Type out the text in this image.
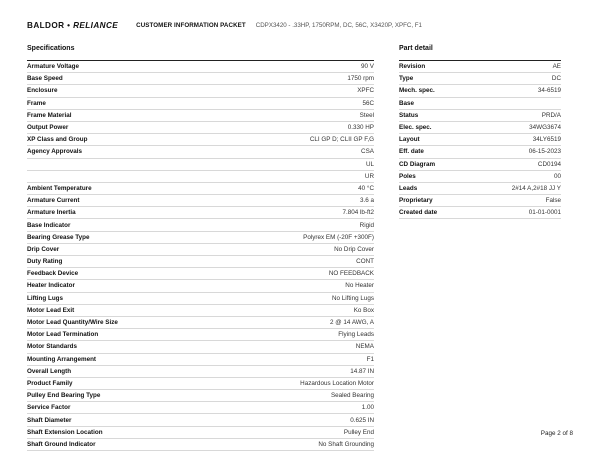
BALDOR • RELIANCE	CUSTOMER INFORMATION PACKET CDPX3420 - .33HP, 1750RPM, DC, 56C, X3420P, XPFC, F1
Specifications
Armature Voltage	90 V
Base Speed	1750 rpm
Enclosure	XPFC
Frame	56C
Frame Material	Steel
Output Power	0.330 HP
XP Class and Group	CLI GP D; CLII GP F,G
Agency Approvals	CSA
UL
UR
Ambient Temperature	40 °C
Armature Current	3.6 a
Armature Inertia	7.804 lb-ft2
Base Indicator	Rigid
Bearing Grease Type	Polyrex EM (-20F +300F)
Drip Cover	No Drip Cover
Duty Rating	CONT
Feedback Device	NO FEEDBACK
Heater Indicator	No Heater
Lifting Lugs	No Lifting Lugs
Motor Lead Exit	Ko Box
Motor Lead Quantity/Wire Size	2 @ 14 AWG, A
Motor Lead Termination	Flying Leads
Motor Standards	NEMA
Mounting Arrangement	F1
Overall Length	14.87 IN
Product Family	Hazardous Location Motor
Pulley End Bearing Type	Sealed Bearing
Service Factor	1.00
Shaft Diameter	0.625 IN
Shaft Extension Location	Pulley End
Shaft Ground Indicator	No Shaft Grounding
Part detail
Revision	AE
Type	DC
Mech. spec.	34-6519
Base
Status	PRD/A
Elec. spec.	34WG3674
Layout	34LY6519
Eff. date	06-15-2023
CD Diagram	CD0194
Poles	00
Leads	2#14 A,2#18 JJ Y
Proprietary	False
Created date	01-01-0001
Page 2 of 8
